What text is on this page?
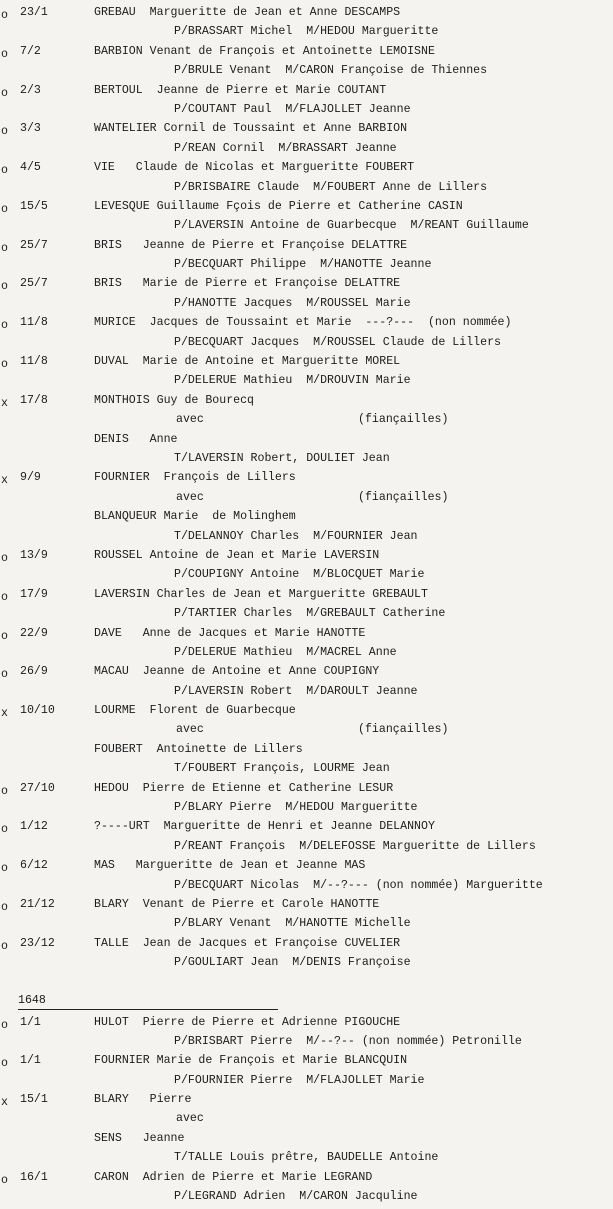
o	23/1	GREBAU  Margueritte de Jean et Anne DESCAMPS
P/BRASSART Michel  M/HEDOU Margueritte
o	7/2	BARBION Venant de François et Antoinette LEMOISNE
P/BRULE Venant  M/CARON Françoise de Thiennes
o	2/3	BERTOUL  Jeanne de Pierre et Marie COUTANT
P/COUTANT Paul  M/FLAJOLLET Jeanne
o	3/3	WANTELIER Cornil de Toussaint et Anne BARBION
P/REAN Cornil  M/BRASSART Jeanne
o	4/5	VIE   Claude de Nicolas et Margueritte FOUBERT
P/BRISBAIRE Claude  M/FOUBERT Anne de Lillers
o	15/5	LEVESQUE Guillaume Fçois de Pierre et Catherine CASIN
P/LAVERSIN Antoine de Guarbecque  M/REANT Guillaume
o	25/7	BRIS   Jeanne de Pierre et Françoise DELATTRE
P/BECQUART Philippe  M/HANOTTE Jeanne
o	25/7	BRIS   Marie de Pierre et Françoise DELATTRE
P/HANOTTE Jacques  M/ROUSSEL Marie
o	11/8	MURICE  Jacques de Toussaint et Marie  ---?---  (non nommée)
P/BECQUART Jacques  M/ROUSSEL Claude de Lillers
o	11/8	DUVAL  Marie de Antoine et Margueritte MOREL
P/DELERUE Mathieu  M/DROUVIN Marie
x	17/8	MONTHOIS Guy de Bourecq
avec	(fiançailles)
DENIS   Anne
T/LAVERSIN Robert, DOULIET Jean
x	9/9	FOURNIER  François de Lillers
avec	(fiançailles)
BLANQUEUR Marie  de Molinghem
T/DELANNOY Charles  M/FOURNIER Jean
o	13/9	ROUSSEL Antoine de Jean et Marie LAVERSIN
P/COUPIGNY Antoine  M/BLOCQUET Marie
o	17/9	LAVERSIN Charles de Jean et Margueritte GREBAULT
P/TARTIER Charles  M/GREBAULT Catherine
o	22/9	DAVE   Anne de Jacques et Marie HANOTTE
P/DELERUE Mathieu  M/MACREL Anne
o	26/9	MACAU  Jeanne de Antoine et Anne COUPIGNY
P/LAVERSIN Robert  M/DAROULT Jeanne
x	10/10	LOURME  Florent de Guarbecque
avec	(fiançailles)
FOUBERT  Antoinette de Lillers
T/FOUBERT François, LOURME Jean
o	27/10	HEDOU  Pierre de Etienne et Catherine LESUR
P/BLARY Pierre  M/HEDOU Margueritte
o	1/12	?----URT  Margueritte de Henri et Jeanne DELANNOY
P/REANT François  M/DELEFOSSE Margueritte de Lillers
o	6/12	MAS   Margueritte de Jean et Jeanne MAS
P/BECQUART Nicolas  M/--?--- (non nommée) Margueritte
o	21/12	BLARY  Venant de Pierre et Carole HANOTTE
P/BLARY Venant  M/HANOTTE Michelle
o	23/12	TALLE  Jean de Jacques et Françoise CUVELIER
P/GOULIART Jean  M/DENIS Françoise
1648
o	1/1	HULOT  Pierre de Pierre et Adrienne PIGOUCHE
P/BRISBART Pierre  M/--?-- (non nommée) Petronille
o	1/1	FOURNIER Marie de François et Marie BLANCQUIN
P/FOURNIER Pierre  M/FLAJOLLET Marie
x	15/1	BLARY   Pierre
avec
SENS   Jeanne
T/TALLE Louis prêtre, BAUDELLE Antoine
o	16/1	CARON  Adrien de Pierre et Marie LEGRAND
P/LEGRAND Adrien  M/CARON Jacquline
